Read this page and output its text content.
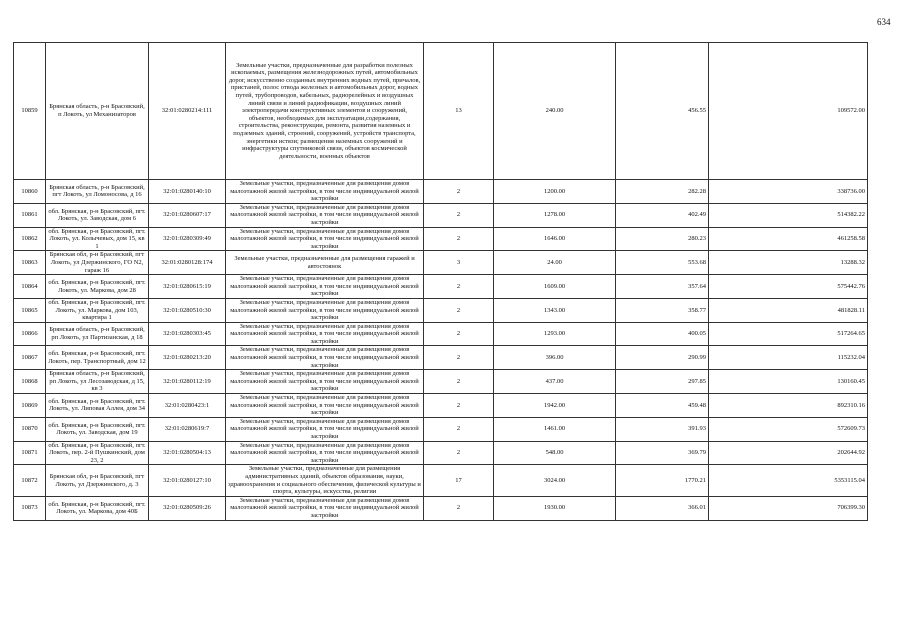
634
10859	Брянская область, р-н Брасовский, п Локоть, ул Механизаторов	32:01:0280214:111	Земельные участки, предназначенные для разработки полезных ископаемых, размещения железнодорожных путей, автомобильных дорог, искусственно созданных внутренних водных путей, причалов, пристаней, полос отвода железных и автомобильных дорог, водных путей, трубопроводов, кабельных, радиорелейных и воздушных линий связи и линий радиофикации, воздушных линий электропередачи конструктивных элементов и сооружений, объектов, необходимых для эксплуатации,содержания, строительства, реконструкции, ремонта, развития наземных и подземных зданий, строений, сооружений, устройств транспорта, энергетики истязи; размещения наземных сооружений и инфраструктуры спутниковой связи, объектов космической деятельности, военных объектов	13	240.00	456.55	109572.00
10860	Брянская область, р-н Брасовский, пгт Локоть, ул Ломоносова, д 16	32:01:0280140:10	Земельные участки, предназначенные для размещения домов малоэтажной жилой застройки, в том числе индивидуальной жилой застройки	2	1200.00	282.28	338736.00
10861	обл. Брянская, р-н Брасовский, пгт. Локоть, ул. Заводская, дом 6	32:01:0280607:17	Земельные участки, предназначенные для размещения домов малоэтажной жилой застройки, в том числе индивидуальной жилой застройки	2	1278.00	402.49	514382.22
10862	обл. Брянская, р-н Брасовский, пгт. Локоть, ул. Колычевых, дом 15, кв 1	32:01:0280309:49	Земельные участки, предназначенные для размещения домов малоэтажной жилой застройки, в том числе индивидуальной жилой застройки	2	1646.00	280.23	461258.58
10863	Брянская обл, р-н Брасовский, пгт Локоть, ул Дзержинского, ГО N2, гараж 16	32:01:0280128:174	Земельные участки, предназначенные для размещения гаражей и автостоянок	3	24.00	553.68	13288.32
10864	обл. Брянская, р-н Брасовский, пгт. Локоть, ул. Маркова, дом 28	32:01:0280615:19	Земельные участки, предназначенные для размещения домов малоэтажной жилой застройки, в том числе индивидуальной жилой застройки	2	1609.00	357.64	575442.76
10865	обл. Брянская, р-н Брасовский, пгт. Локоть, ул. Маркова, дом 103, квартира 1	32:01:0280510:30	Земельные участки, предназначенные для размещения домов малоэтажной жилой застройки, в том числе индивидуальной жилой застройки	2	1343.00	358.77	481828.11
10866	Брянская область, р-н Брасовский, рп Локоть, ул Партизанская, д 18	32:01:0280303:45	Земельные участки, предназначенные для размещения домов малоэтажной жилой застройки, в том числе индивидуальной жилой застройки	2	1293.00	400.05	517264.65
10867	обл. Брянская, р-н Брасовский, пгт. Локоть, пер. Транспортный, дом 12	32:01:0280213:20	Земельные участки, предназначенные для размещения домов малоэтажной жилой застройки, в том числе индивидуальной жилой застройки	2	396.00	290.99	115232.04
10868	Брянская область, р-н Брасовский, рп Локоть, ул Лесозаводская, д 15, кв 3	32:01:0280112:19	Земельные участки, предназначенные для размещения домов малоэтажной жилой застройки, в том числе индивидуальной жилой застройки	2	437.00	297.85	130160.45
10869	обл. Брянская, р-н Брасовский, пгт. Локоть, ул. Липовая Аллея, дом 34	32:01:0280423:1	Земельные участки, предназначенные для размещения домов малоэтажной жилой застройки, в том числе индивидуальной жилой застройки	2	1942.00	459.48	892310.16
10870	обл. Брянская, р-н Брасовский, пгт. Локоть, ул. Заводская, дом 19	32:01:0280619:7	Земельные участки, предназначенные для размещения домов малоэтажной жилой застройки, в том числе индивидуальной жилой застройки	2	1461.00	391.93	572609.73
10871	обл. Брянская, р-н Брасовский, пгт. Локоть, пер. 2-й Пушкинский, дом 23, 2	32:01:0280504:13	Земельные участки, предназначенные для размещения домов малоэтажной жилой застройки, в том числе индивидуальной жилой застройки	2	548.00	369.79	202644.92
10872	Брянская обл, р-н Брасовский, пгт Локоть, ул Дзержинского, д. 3	32:01:0280127:10	Земельные участки, предназначенные для размещения административных зданий, объектов образования, науки, здравоохранения и социального обеспечения, физической культуры и спорта, культуры, искусства, религии	17	3024.00	1770.21	5353115.04
10873	обл. Брянская, р-н Брасовский, пгт. Локоть, ул. Маркова, дом 40Б	32:01:0280509:26	Земельные участки, предназначенные для размещения домов малоэтажной жилой застройки, в том числе индивидуальной жилой застройки	2	1930.00	366.01	706399.30
